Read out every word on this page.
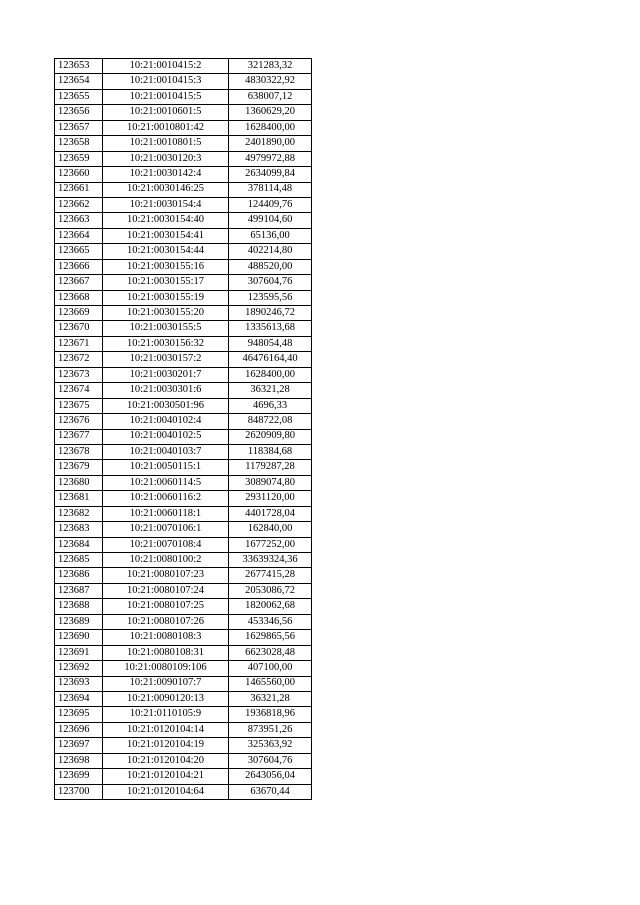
123653	10:21:0010415:2	321283,32
123654	10:21:0010415:3	4830322,92
123655	10:21:0010415:5	638007,12
123656	10:21:0010601:5	1360629,20
123657	10:21:0010801:42	1628400,00
123658	10:21:0010801:5	2401890,00
123659	10:21:0030120:3	4979972,88
123660	10:21:0030142:4	2634099,84
123661	10:21:0030146:25	378114,48
123662	10:21:0030154:4	124409,76
123663	10:21:0030154:40	499104,60
123664	10:21:0030154:41	65136,00
123665	10:21:0030154:44	402214,80
123666	10:21:0030155:16	488520,00
123667	10:21:0030155:17	307604,76
123668	10:21:0030155:19	123595,56
123669	10:21:0030155:20	1890246,72
123670	10:21:0030155:5	1335613,68
123671	10:21:0030156:32	948054,48
123672	10:21:0030157:2	46476164,40
123673	10:21:0030201:7	1628400,00
123674	10:21:0030301:6	36321,28
123675	10:21:0030501:96	4696,33
123676	10:21:0040102:4	848722,08
123677	10:21:0040102:5	2620909,80
123678	10:21:0040103:7	118384,68
123679	10:21:0050115:1	1179287,28
123680	10:21:0060114:5	3089074,80
123681	10:21:0060116:2	2931120,00
123682	10:21:0060118:1	4401728,04
123683	10:21:0070106:1	162840,00
123684	10:21:0070108:4	1677252,00
123685	10:21:0080100:2	33639324,36
123686	10:21:0080107:23	2677415,28
123687	10:21:0080107:24	2053086,72
123688	10:21:0080107:25	1820062,68
123689	10:21:0080107:26	453346,56
123690	10:21:0080108:3	1629865,56
123691	10:21:0080108:31	6623028,48
123692	10:21:0080109:106	407100,00
123693	10:21:0090107:7	1465560,00
123694	10:21:0090120:13	36321,28
123695	10:21:0110105:9	1936818,96
123696	10:21:0120104:14	873951,26
123697	10:21:0120104:19	325363,92
123698	10:21:0120104:20	307604,76
123699	10:21:0120104:21	2643056,04
123700	10:21:0120104:64	63670,44
